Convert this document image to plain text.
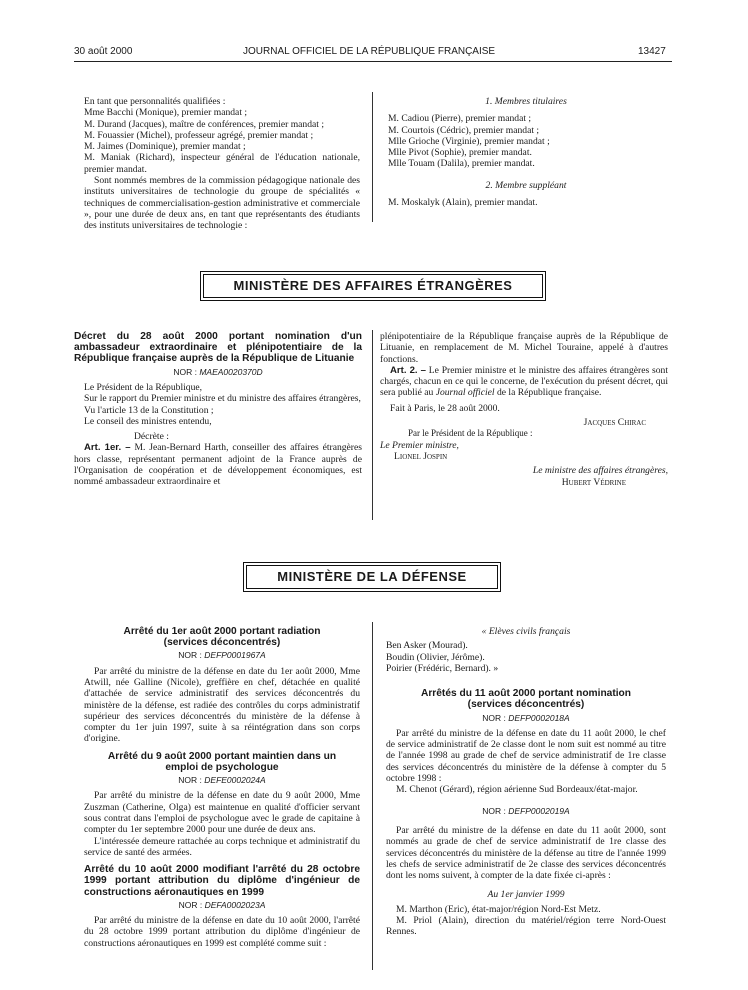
30 août 2000	JOURNAL OFFICIEL DE LA RÉPUBLIQUE FRANÇAISE	13427

En tant que personnalités qualifiées :

Mme Bacchi (Monique), premier mandat ;

M. Durand (Jacques), maître de conférences, premier mandat ;

M. Fouassier (Michel), professeur agrégé, premier mandat ;

M. Jaimes (Dominique), premier mandat ;

M. Maniak (Richard), inspecteur général de l'éducation nationale, premier mandat.

Sont nommés membres de la commission pédagogique nationale des instituts universitaires de technologie du groupe de spécialités « techniques de commercialisation-gestion administrative et commerciale », pour une durée de deux ans, en tant que représentants des étudiants des instituts universitaires de technologie :

1. Membres titulaires

M. Cadiou (Pierre), premier mandat ;

M. Courtois (Cédric), premier mandat ;

Mlle Grioche (Virginie), premier mandat ;

Mlle Pivot (Sophie), premier mandat.

Mlle Touam (Dalila), premier mandat.

2. Membre suppléant

M. Moskalyk (Alain), premier mandat.

MINISTÈRE DES AFFAIRES ÉTRANGÈRES
Décret du 28 août 2000 portant nomination d'un ambassadeur extraordinaire et plénipotentiaire de la République française auprès de la République de Lituanie
NOR : MAEA0020370D

Le Président de la République,

Sur le rapport du Premier ministre et du ministre des affaires étrangères,

Vu l'article 13 de la Constitution ;

Le conseil des ministres entendu,

Décrète :

Art. 1er. – M. Jean-Bernard Harth, conseiller des affaires étrangères hors classe, représentant permanent adjoint de la France auprès de l'Organisation de coopération et de développement économiques, est nommé ambassadeur extraordinaire et

plénipotentiaire de la République française auprès de la République de Lituanie, en remplacement de M. Michel Touraine, appelé à d'autres fonctions.

Art. 2. – Le Premier ministre et le ministre des affaires étrangères sont chargés, chacun en ce qui le concerne, de l'exécution du présent décret, qui sera publié au Journal officiel de la République française.

Fait à Paris, le 28 août 2000.

Jacques Chirac

Par le Président de la République :

Le Premier ministre,

Lionel Jospin

Le ministre des affaires étrangères,

Hubert Védrine

MINISTÈRE DE LA DÉFENSE
Arrêté du 1er août 2000 portant radiation (services déconcentrés)
NOR : DEFP0001967A

Par arrêté du ministre de la défense en date du 1er août 2000, Mme Atwill, née Galline (Nicole), greffière en chef, détachée en qualité d'attachée de service administratif des services déconcentrés du ministère de la défense, est radiée des contrôles du corps administratif supérieur des services déconcentrés du ministère de la défense à compter du 1er juin 1997, suite à sa réintégration dans son corps d'origine.

Arrêté du 9 août 2000 portant maintien dans un emploi de psychologue
NOR : DEFE0002024A

Par arrêté du ministre de la défense en date du 9 août 2000, Mme Zuszman (Catherine, Olga) est maintenue en qualité d'officier servant sous contrat dans l'emploi de psychologue avec le grade de capitaine à compter du 1er septembre 2000 pour une durée de deux ans.

L'intéressée demeure rattachée au corps technique et administratif du service de santé des armées.

Arrêté du 10 août 2000 modifiant l'arrêté du 28 octobre 1999 portant attribution du diplôme d'ingénieur de constructions aéronautiques en 1999
NOR : DEFA0002023A

Par arrêté du ministre de la défense en date du 10 août 2000, l'arrêté du 28 octobre 1999 portant attribution du diplôme d'ingénieur de constructions aéronautiques en 1999 est complété comme suit :

« Elèves civils français

Ben Asker (Mourad).

Boudin (Olivier, Jérôme).

Poirier (Frédéric, Bernard). »

Arrêtés du 11 août 2000 portant nomination (services déconcentrés)
NOR : DEFP0002018A

Par arrêté du ministre de la défense en date du 11 août 2000, le chef de service administratif de 2e classe dont le nom suit est nommé au titre de l'année 1998 au grade de chef de service administratif de 1re classe des services déconcentrés du ministère de la défense à compter du 5 octobre 1998 :

M. Chenot (Gérard), région aérienne Sud Bordeaux/état-major.

NOR : DEFP0002019A

Par arrêté du ministre de la défense en date du 11 août 2000, sont nommés au grade de chef de service administratif de 1re classe des services déconcentrés du ministère de la défense au titre de l'année 1999 les chefs de service administratif de 2e classe des services déconcentrés dont les noms suivent, à compter de la date fixée ci-après :

Au 1er janvier 1999

M. Marthon (Eric), état-major/région Nord-Est Metz.

M. Priol (Alain), direction du matériel/région terre Nord-Ouest Rennes.
